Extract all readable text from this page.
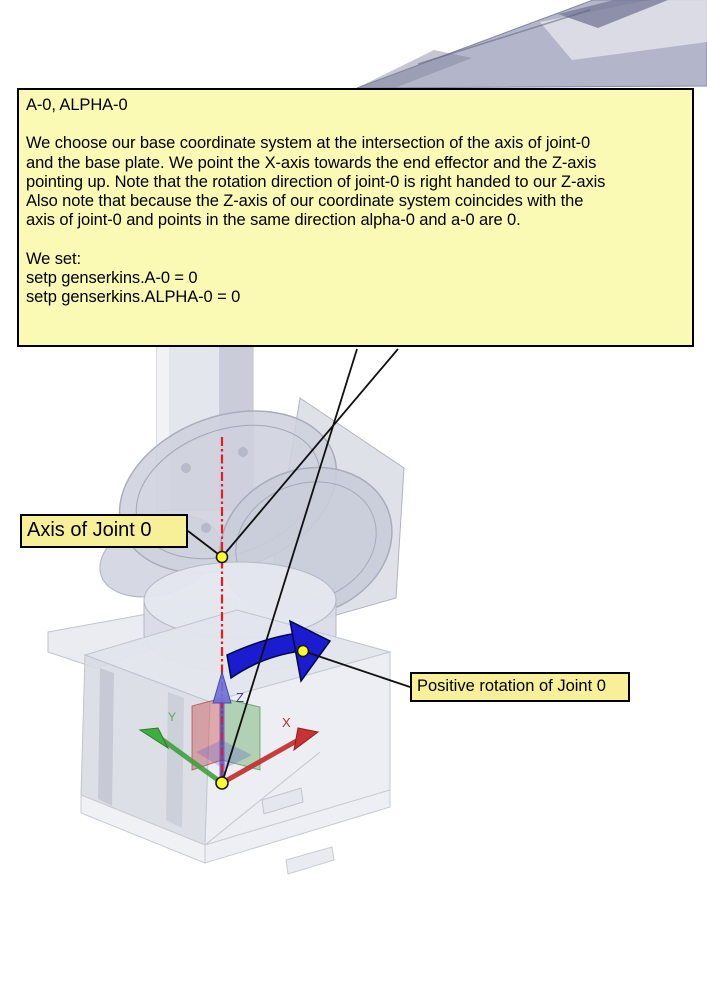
Z
X
Y
A-0, ALPHA-0
We choose our base coordinate system at the intersection of the axis of joint-0
and the base plate. We point the X-axis towards the end effector and the Z-axis
pointing up. Note that the rotation direction of joint-0 is right handed to our Z-axis
Also note that because the Z-axis of our coordinate system coincides with the
axis of joint-0 and points in the same direction alpha-0 and a-0 are 0.
We set:
setp genserkins.A-0 = 0
setp genserkins.ALPHA-0 = 0
Axis of Joint 0
Positive rotation of Joint 0
